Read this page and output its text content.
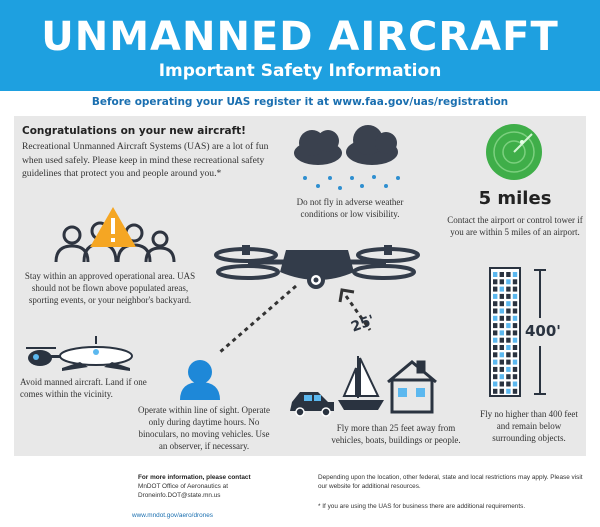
UNMANNED AIRCRAFT
Important Safety Information
Before operating your UAS register it at www.faa.gov/uas/registration
Congratulations on your new aircraft!
Recreational Unmanned Aircraft Systems (UAS) are a lot of fun when used safely. Please keep in mind these recreational safety guidelines that protect you and people around you.*
Do not fly in adverse weather conditions or low visibility.
5 miles
Contact the airport or control tower if you are within 5 miles of an airport.
Stay within an approved operational area. UAS should not be flown above populated areas, sporting events, or your neighbor's backyard.
Avoid manned aircraft. Land if one comes within the vicinity.
Operate within line of sight. Operate only during daytime hours. No binoculars, no moving vehicles. Use an observer, if necessary.
25'
Fly more than 25 feet away from vehicles, boats, buildings or people.
400'
Fly no higher than 400 feet and remain below surrounding objects.
For more information, please contact
MnDOT Office of Aeronautics at
Droneinfo.DOT@state.mn.us
www.mndot.gov/aero/drones
Depending upon the location, other federal, state and local restrictions may apply. Please visit our website for additional resources.
* If you are using the UAS for business there are additional requirements.
